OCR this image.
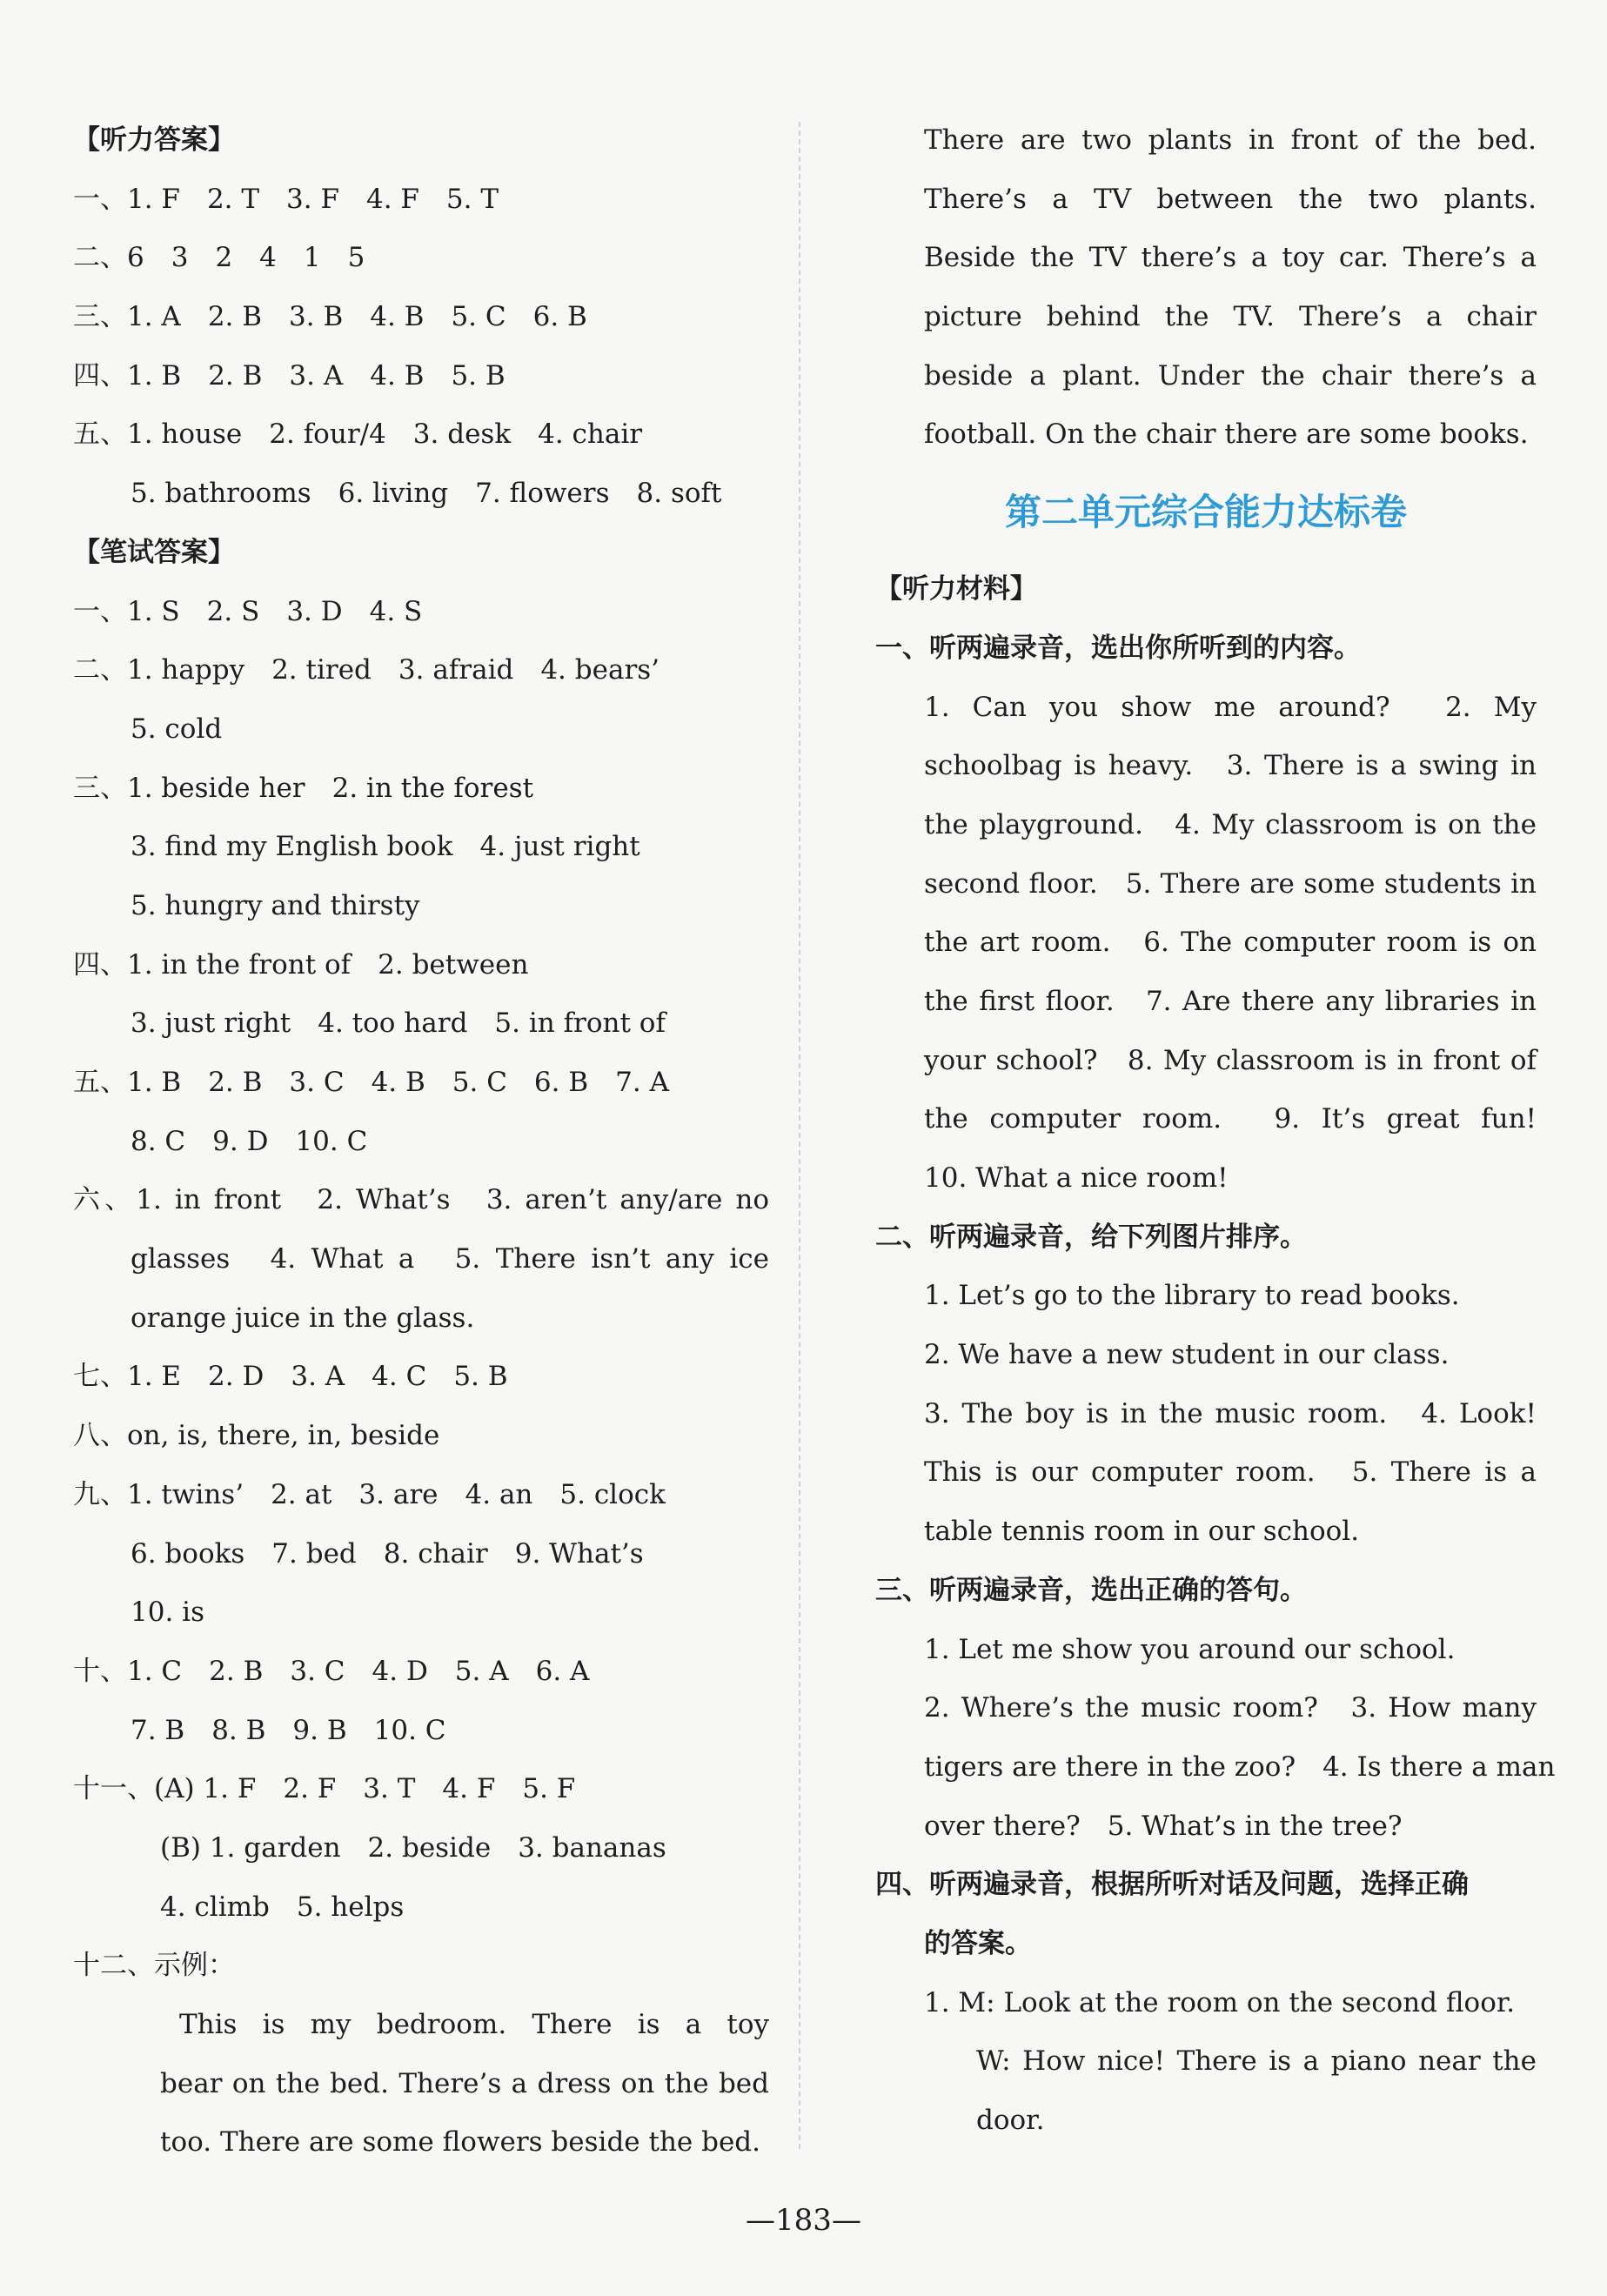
【听力答案】
一、1. F　2. T　3. F　4. F　5. T
二、6　3　2　4　1　5
三、1. A　2. B　3. B　4. B　5. C　6. B
四、1. B　2. B　3. A　4. B　5. B
五、1. house　2. four/4　3. desk　4. chair
5. bathrooms　6. living　7. flowers　8. soft
【笔试答案】
一、1. S　2. S　3. D　4. S
二、1. happy　2. tired　3. afraid　4. bears’
5. cold
三、1. beside her　2. in the forest
3. find my English book　4. just right
5. hungry and thirsty
四、1. in the front of　2. between
3. just right　4. too hard　5. in front of
五、1. B　2. B　3. C　4. B　5. C　6. B　7. A
8. C　9. D　10. C
六、1. in front　2. What’s　3. aren’t any/are no
glasses　4. What a　5. There isn’t any ice
orange juice in the glass.
七、1. E　2. D　3. A　4. C　5. B
八、on, is, there, in, beside
九、1. twins’　2. at　3. are　4. an　5. clock
6. books　7. bed　8. chair　9. What’s
10. is
十、1. C　2. B　3. C　4. D　5. A　6. A
7. B　8. B　9. B　10. C
十一、(A) 1. F　2. F　3. T　4. F　5. F
(B) 1. garden　2. beside　3. bananas
4. climb　5. helps
十二、示例：
This is my bedroom. There is a toy
bear on the bed. There’s a dress on the bed
too. There are some flowers beside the bed.
There are two plants in front of the bed.
There’s a TV between the two plants.
Beside the TV there’s a toy car. There’s a
picture behind the TV. There’s a chair
beside a plant. Under the chair there’s a
football. On the chair there are some books.
第二单元综合能力达标卷
【听力材料】
一、听两遍录音，选出你所听到的内容。
1. Can you show me around?　2. My
schoolbag is heavy.　3. There is a swing in
the playground.　4. My classroom is on the
second floor.　5. There are some students in
the art room.　6. The computer room is on
the first floor.　7. Are there any libraries in
your school?　8. My classroom is in front of
the computer room.　9. It’s great fun!
10. What a nice room!
二、听两遍录音，给下列图片排序。
1. Let’s go to the library to read books.
2. We have a new student in our class.
3. The boy is in the music room.　4. Look!
This is our computer room.　5. There is a
table tennis room in our school.
三、听两遍录音，选出正确的答句。
1. Let me show you around our school.
2. Where’s the music room?　3. How many
tigers are there in the zoo?　4. Is there a man
over there?　5. What’s in the tree?
四、听两遍录音，根据所听对话及问题，选择正确
的答案。
1. M: Look at the room on the second floor.
W: How nice! There is a piano near the
door.
—183—
